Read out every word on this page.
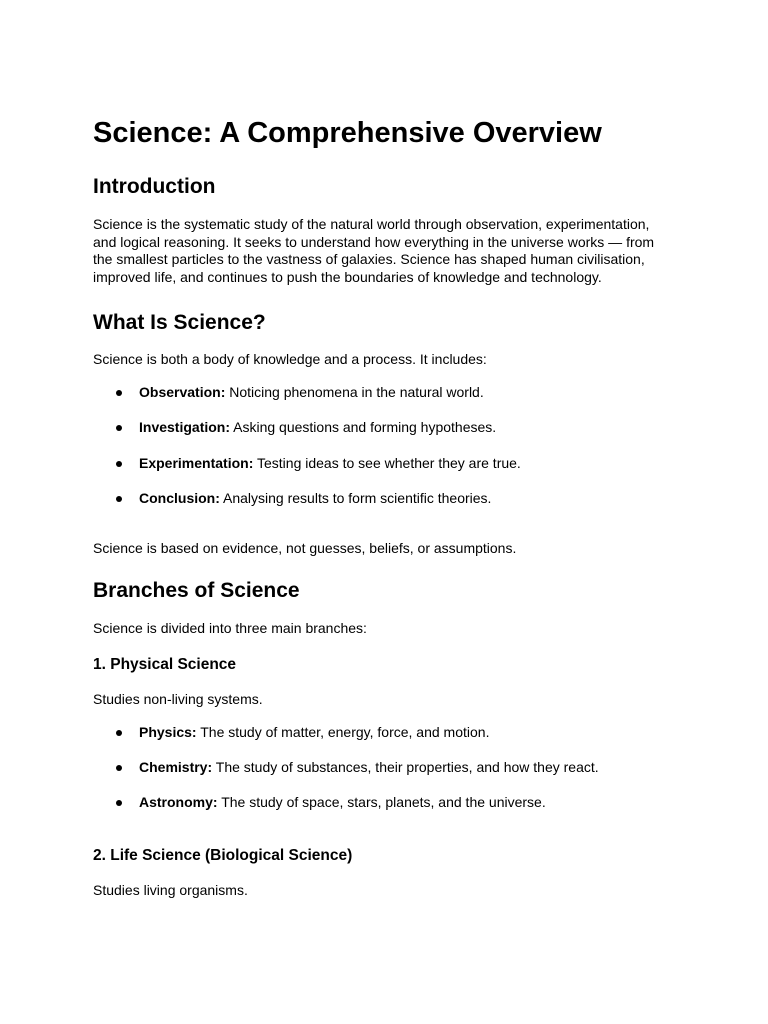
Science: A Comprehensive Overview
Introduction

Science is the systematic study of the natural world through observation, experimentation, and logical reasoning. It seeks to understand how everything in the universe works — from the smallest particles to the vastness of galaxies. Science has shaped human civilisation, improved life, and continues to push the boundaries of knowledge and technology.

What Is Science?

Science is both a body of knowledge and a process. It includes:

Observation: Noticing phenomena in the natural world.
Investigation: Asking questions and forming hypotheses.
Experimentation: Testing ideas to see whether they are true.
Conclusion: Analysing results to form scientific theories.

Science is based on evidence, not guesses, beliefs, or assumptions.

Branches of Science

Science is divided into three main branches:

1. Physical Science

Studies non-living systems.

Physics: The study of matter, energy, force, and motion.
Chemistry: The study of substances, their properties, and how they react.
Astronomy: The study of space, stars, planets, and the universe.
2. Life Science (Biological Science)

Studies living organisms.
